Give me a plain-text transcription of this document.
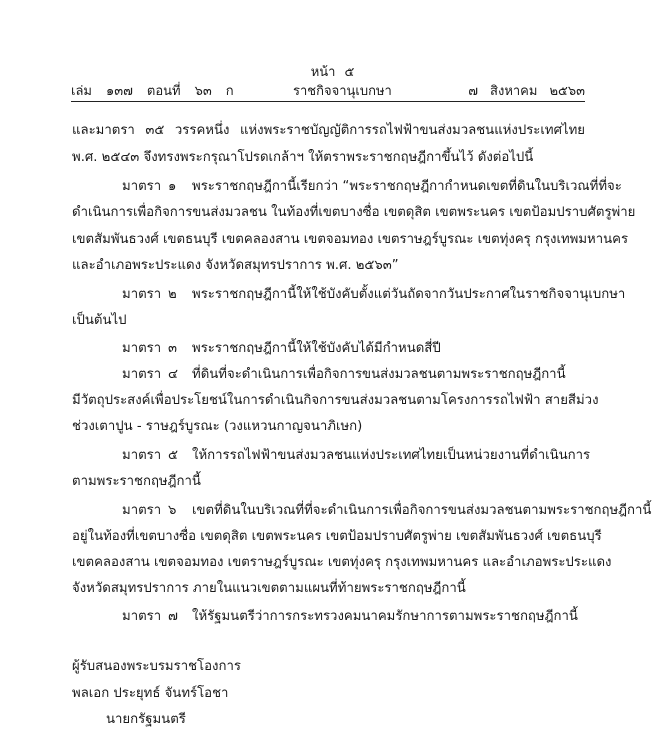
หน้า ๕
เล่ม ๑๓๗ ตอนที่ ๖๓ ก	ราชกิจจานุเบกษา	๗ สิงหาคม ๒๕๖๓
และมาตรา ๓๕ วรรคหนึ่ง แห่งพระราชบัญญัติการรถไฟฟ้าขนส่งมวลชนแห่งประเทศไทย
พ.ศ. ๒๕๔๓ จึงทรงพระกรุณาโปรดเกล้าฯ ให้ตราพระราชกฤษฎีกาขึ้นไว้ ดังต่อไปนี้
มาตรา ๑ พระราชกฤษฎีกานี้เรียกว่า “พระราชกฤษฎีกากำหนดเขตที่ดินในบริเวณที่ที่จะ
ดำเนินการเพื่อกิจการขนส่งมวลชน ในท้องที่เขตบางซื่อ เขตดุสิต เขตพระนคร เขตป้อมปราบศัตรูพ่าย
เขตสัมพันธวงศ์ เขตธนบุรี เขตคลองสาน เขตจอมทอง เขตราษฎร์บูรณะ เขตทุ่งครุ กรุงเทพมหานคร
และอำเภอพระประแดง จังหวัดสมุทรปราการ พ.ศ. ๒๕๖๓”
มาตรา ๒ พระราชกฤษฎีกานี้ให้ใช้บังคับตั้งแต่วันถัดจากวันประกาศในราชกิจจานุเบกษา
เป็นต้นไป
มาตรา ๓ พระราชกฤษฎีกานี้ให้ใช้บังคับได้มีกำหนดสี่ปี
มาตรา ๔ ที่ดินที่จะดำเนินการเพื่อกิจการขนส่งมวลชนตามพระราชกฤษฎีกานี้
มีวัตถุประสงค์เพื่อประโยชน์ในการดำเนินกิจการขนส่งมวลชนตามโครงการรถไฟฟ้า สายสีม่วง
ช่วงเตาปูน - ราษฎร์บูรณะ (วงแหวนกาญจนาภิเษก)
มาตรา ๕ ให้การรถไฟฟ้าขนส่งมวลชนแห่งประเทศไทยเป็นหน่วยงานที่ดำเนินการ
ตามพระราชกฤษฎีกานี้
มาตรา ๖ เขตที่ดินในบริเวณที่ที่จะดำเนินการเพื่อกิจการขนส่งมวลชนตามพระราชกฤษฎีกานี้
อยู่ในท้องที่เขตบางซื่อ เขตดุสิต เขตพระนคร เขตป้อมปราบศัตรูพ่าย เขตสัมพันธวงศ์ เขตธนบุรี
เขตคลองสาน เขตจอมทอง เขตราษฎร์บูรณะ เขตทุ่งครุ กรุงเทพมหานคร และอำเภอพระประแดง
จังหวัดสมุทรปราการ ภายในแนวเขตตามแผนที่ท้ายพระราชกฤษฎีกานี้
มาตรา ๗ ให้รัฐมนตรีว่าการกระทรวงคมนาคมรักษาการตามพระราชกฤษฎีกานี้
ผู้รับสนองพระบรมราชโองการ
พลเอก ประยุทธ์ จันทร์โอชา
นายกรัฐมนตรี
